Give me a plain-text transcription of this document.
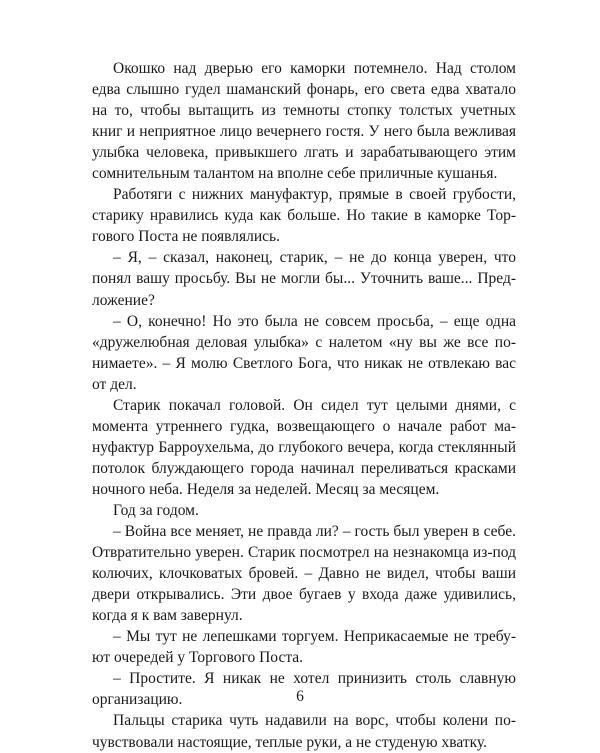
Окошко над дверью его каморки потемнело. Над столом едва слышно гудел шаманский фонарь, его света едва хватало на то, чтобы вытащить из темноты стопку толстых учетных книг и неприятное лицо вечернего гостя. У него была вежливая улыбка человека, привыкшего лгать и зарабатывающего этим сомнительным талантом на вполне себе приличные кушанья.

Работяги с нижних мануфактур, прямые в своей грубости, старику нравились куда как больше. Но такие в каморке Торгового Поста не появлялись.

– Я, – сказал, наконец, старик, – не до конца уверен, что понял вашу просьбу. Вы не могли бы... Уточнить ваше... Предложение?

– О, конечно! Но это была не совсем просьба, – еще одна «дружелюбная деловая улыбка» с налетом «ну вы же все понимаете». – Я молю Светлого Бога, что никак не отвлекаю вас от дел.

Старик покачал головой. Он сидел тут целыми днями, с момента утреннего гудка, возвещающего о начале работ мануфактур Барроухельма, до глубокого вечера, когда стеклянный потолок блуждающего города начинал переливаться красками ночного неба. Неделя за неделей. Месяц за месяцем.

Год за годом.

– Война все меняет, не правда ли? – гость был уверен в себе. Отвратительно уверен. Старик посмотрел на незнакомца из-под колючих, клочковатых бровей. – Давно не видел, чтобы ваши двери открывались. Эти двое бугаев у входа даже удивились, когда я к вам завернул.

– Мы тут не лепешками торгуем. Неприкасаемые не требуют очередей у Торгового Поста.

– Простите. Я никак не хотел принизить столь славную организацию.

Пальцы старика чуть надавили на ворс, чтобы колени почувствовали настоящие, теплые руки, а не студеную хватку.

6
